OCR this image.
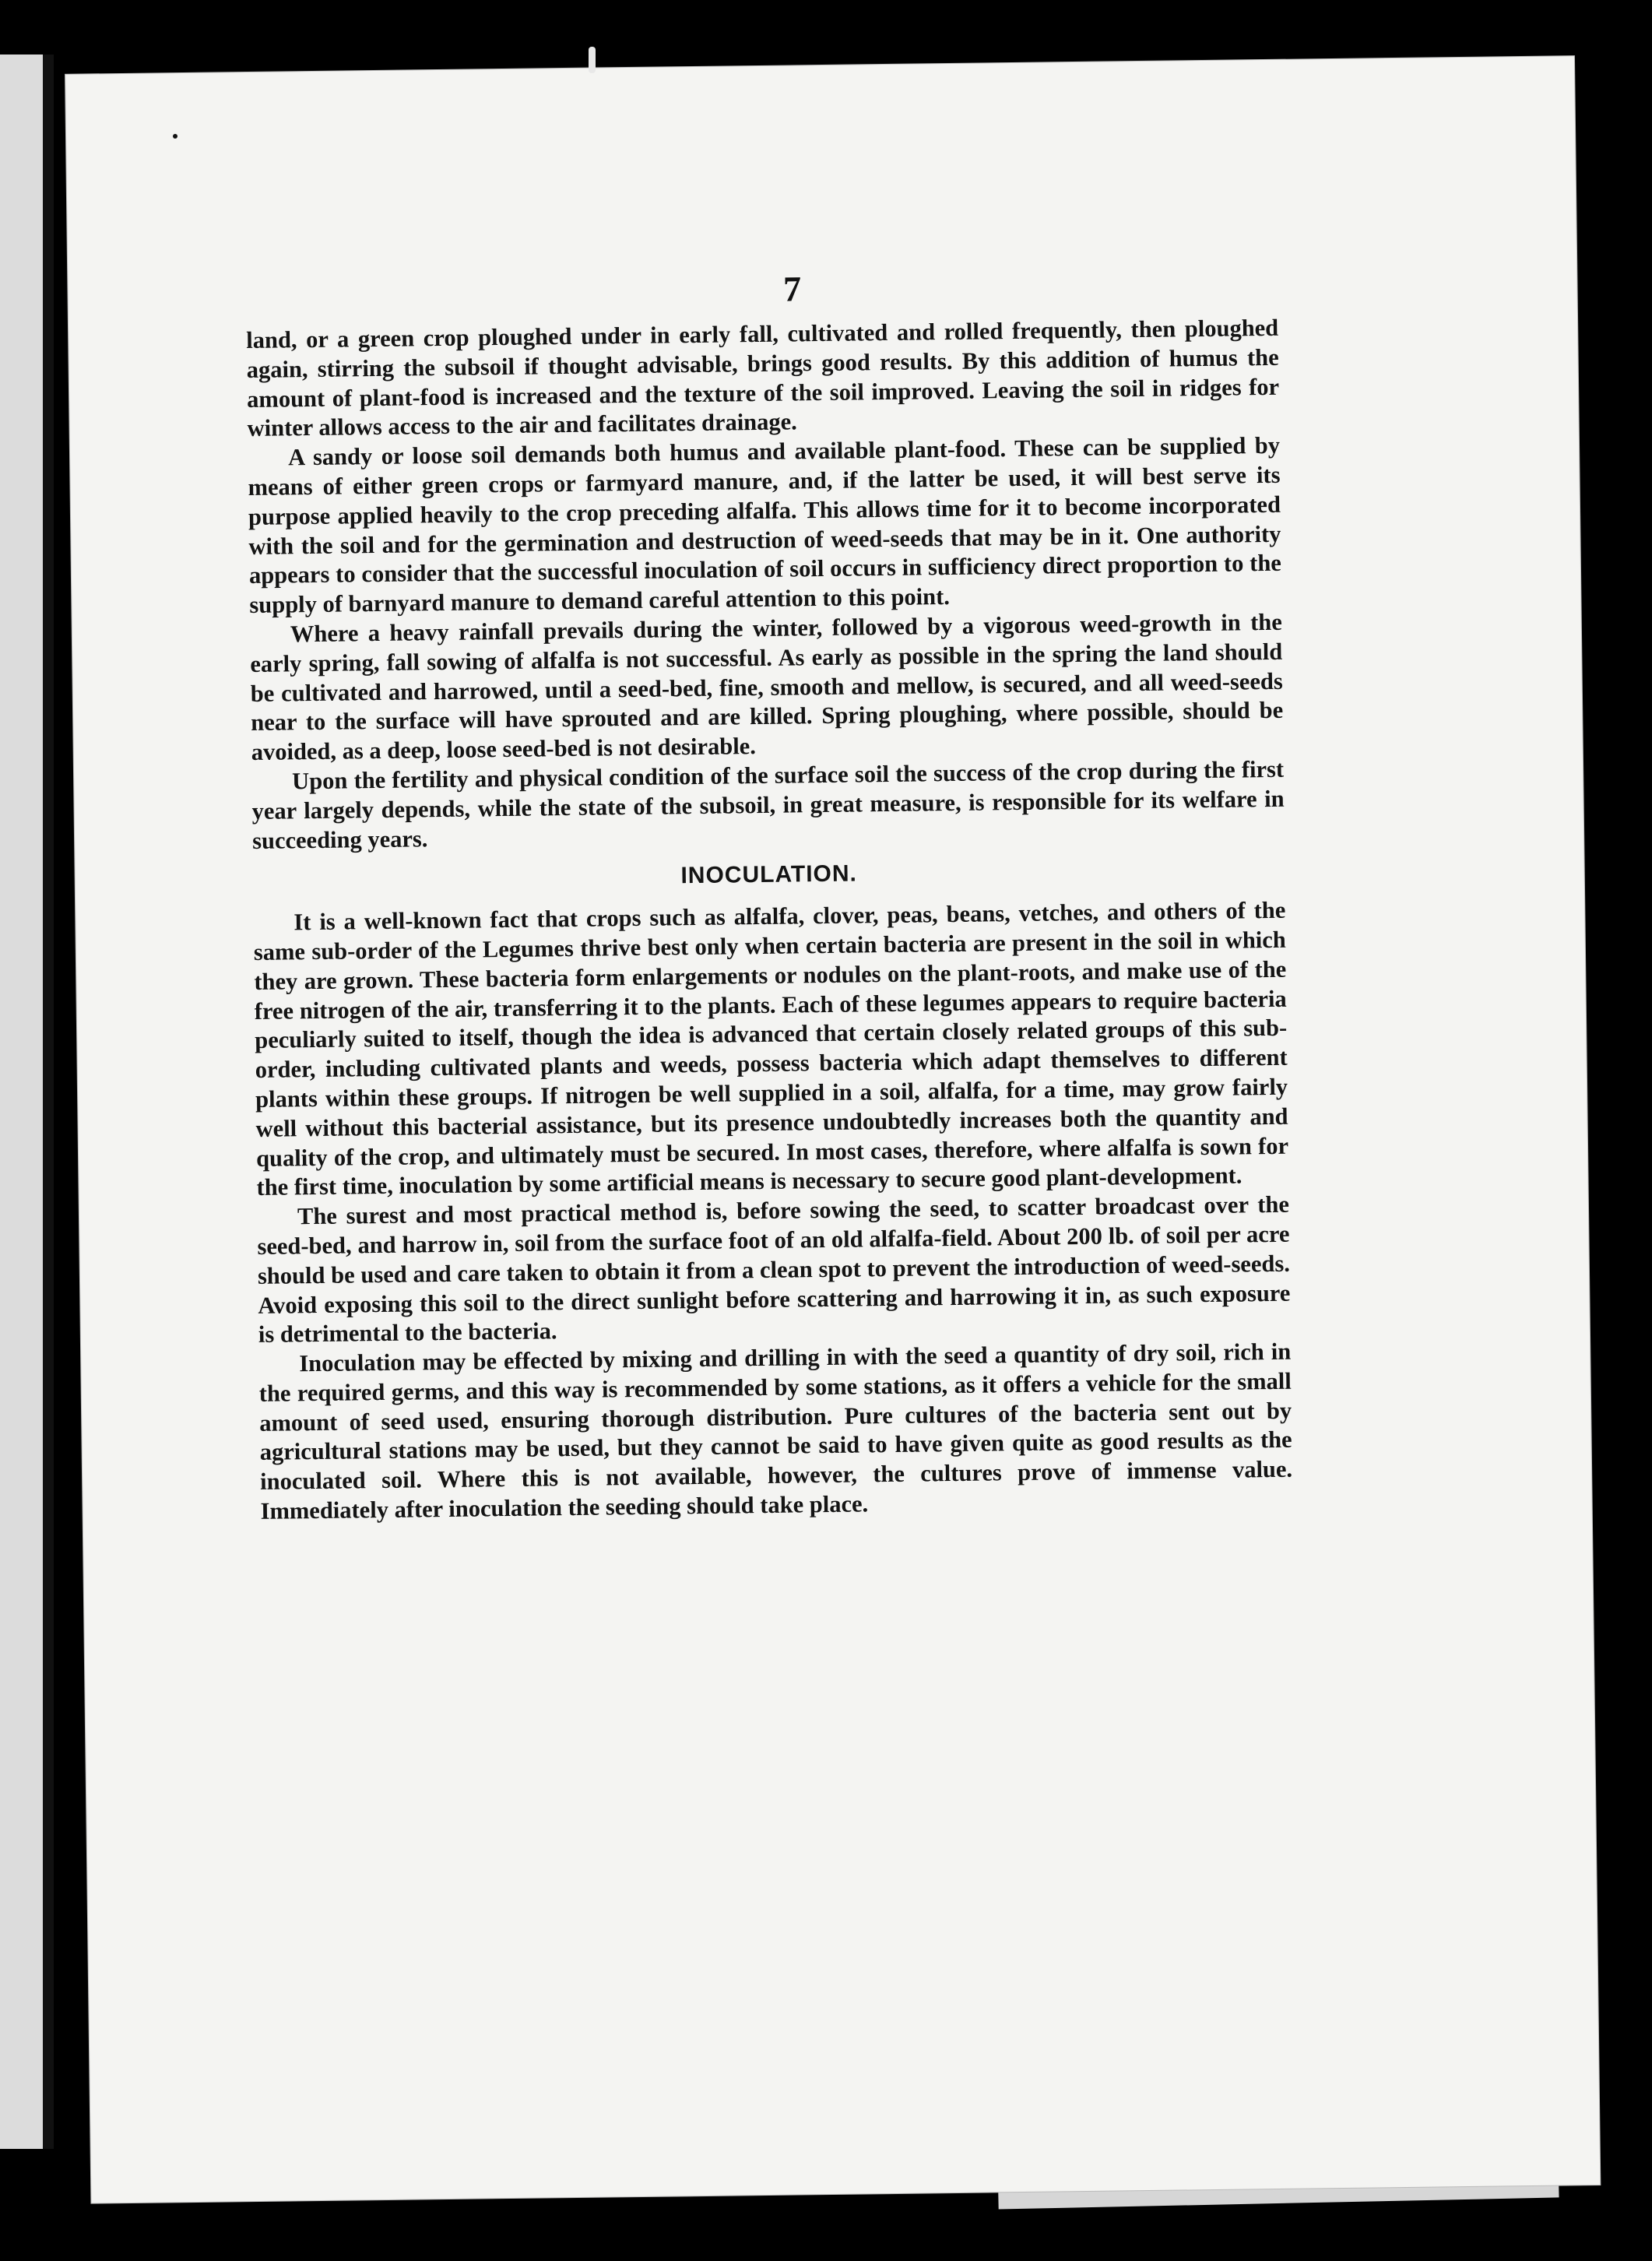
7

land, or a green crop ploughed under in early fall, cultivated and rolled frequently, then ploughed again, stirring the subsoil if thought advisable, brings good results. By this addition of humus the amount of plant-food is increased and the texture of the soil improved. Leaving the soil in ridges for winter allows access to the air and facilitates drainage.

A sandy or loose soil demands both humus and available plant-food. These can be supplied by means of either green crops or farmyard manure, and, if the latter be used, it will best serve its purpose applied heavily to the crop preceding alfalfa. This allows time for it to become incorporated with the soil and for the germination and destruction of weed-seeds that may be in it. One authority appears to consider that the successful inoculation of soil occurs in sufficiency direct proportion to the supply of barnyard manure to demand careful attention to this point.

Where a heavy rainfall prevails during the winter, followed by a vigorous weed-growth in the early spring, fall sowing of alfalfa is not successful. As early as possible in the spring the land should be cultivated and harrowed, until a seed-bed, fine, smooth and mellow, is secured, and all weed-seeds near to the surface will have sprouted and are killed. Spring ploughing, where possible, should be avoided, as a deep, loose seed-bed is not desirable.

Upon the fertility and physical condition of the surface soil the success of the crop during the first year largely depends, while the state of the subsoil, in great measure, is responsible for its welfare in succeeding years.

INOCULATION.

It is a well-known fact that crops such as alfalfa, clover, peas, beans, vetches, and others of the same sub-order of the Legumes thrive best only when certain bacteria are present in the soil in which they are grown. These bacteria form enlargements or nodules on the plant-roots, and make use of the free nitrogen of the air, transferring it to the plants. Each of these legumes appears to require bacteria peculiarly suited to itself, though the idea is advanced that certain closely related groups of this sub-order, including cultivated plants and weeds, possess bacteria which adapt themselves to different plants within these groups. If nitrogen be well supplied in a soil, alfalfa, for a time, may grow fairly well without this bacterial assistance, but its presence undoubtedly increases both the quantity and quality of the crop, and ultimately must be secured. In most cases, therefore, where alfalfa is sown for the first time, inoculation by some artificial means is necessary to secure good plant-development.

The surest and most practical method is, before sowing the seed, to scatter broadcast over the seed-bed, and harrow in, soil from the surface foot of an old alfalfa-field. About 200 lb. of soil per acre should be used and care taken to obtain it from a clean spot to prevent the introduction of weed-seeds. Avoid exposing this soil to the direct sunlight before scattering and harrowing it in, as such exposure is detrimental to the bacteria.

Inoculation may be effected by mixing and drilling in with the seed a quantity of dry soil, rich in the required germs, and this way is recommended by some stations, as it offers a vehicle for the small amount of seed used, ensuring thorough distribution. Pure cultures of the bacteria sent out by agricultural stations may be used, but they cannot be said to have given quite as good results as the inoculated soil. Where this is not available, however, the cultures prove of immense value. Immediately after inoculation the seeding should take place.
